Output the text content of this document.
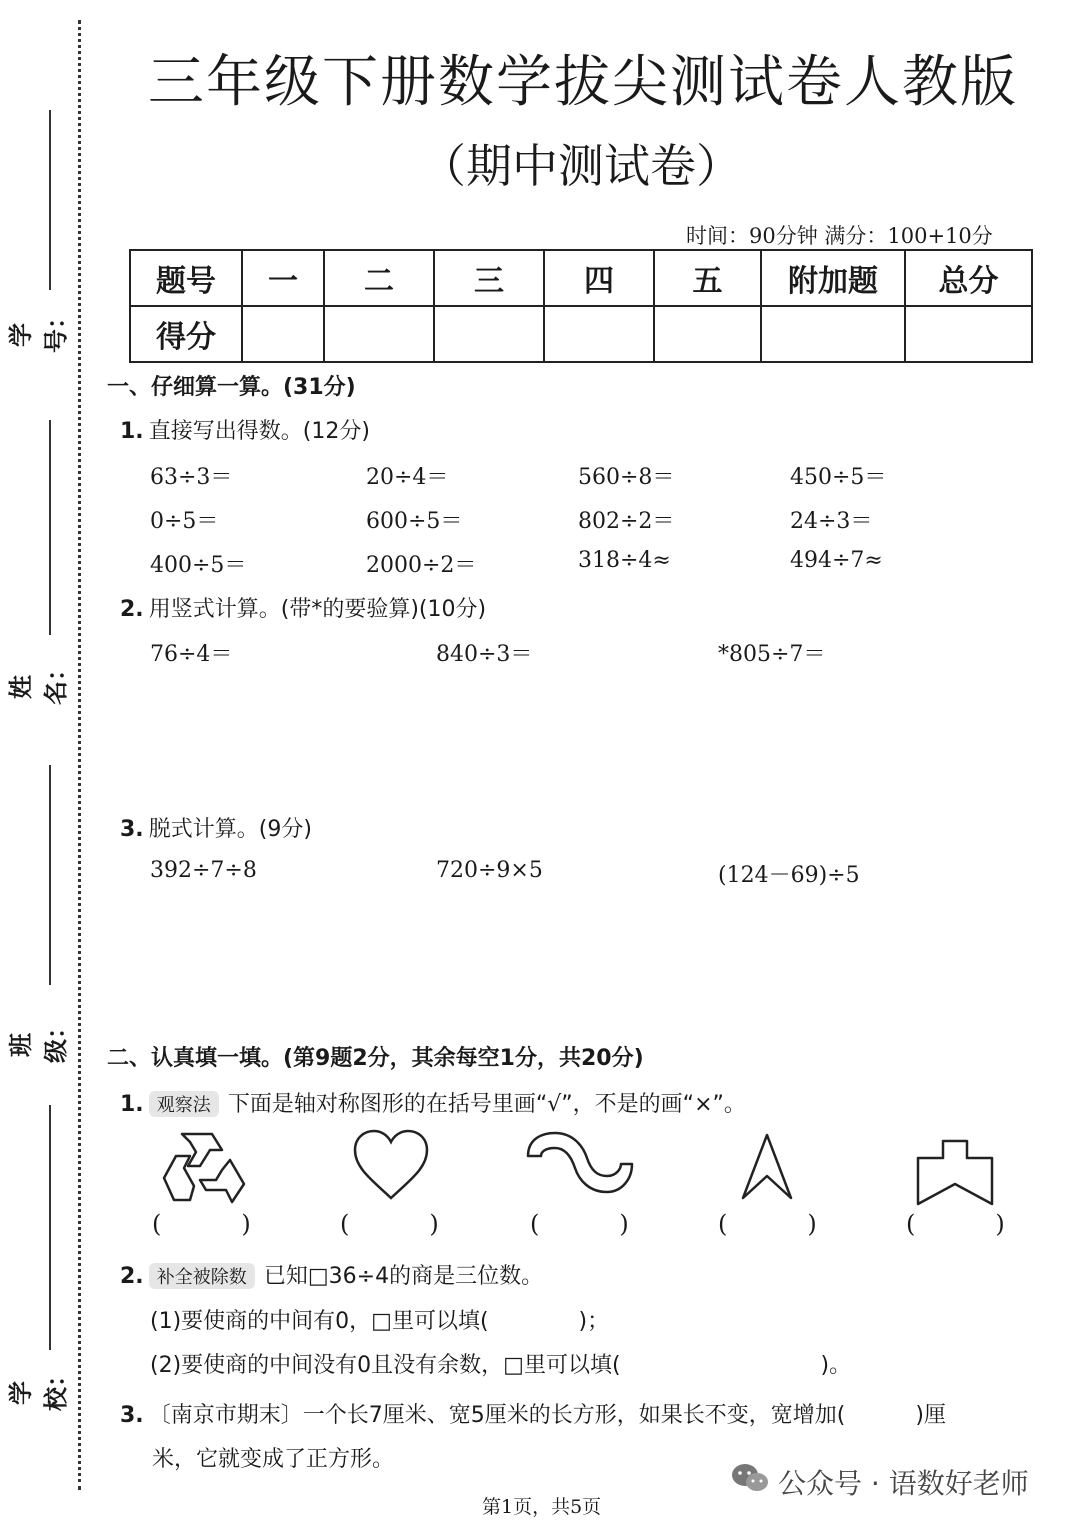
学号：
姓名：
班级：
学校：
三年级下册数学拔尖测试卷人教版
（期中测试卷）
时间：90分钟 满分：100+10分
题号	一	二	三	四	五	附加题	总分
得分							
一、仔细算一算。(31分)
1. 直接写出得数。(12分)
63÷3＝	20÷4＝	560÷8＝	450÷5＝
0÷5＝	600÷5＝	802÷2＝	24÷3＝
400÷5＝	2000÷2＝	318÷4≈	494÷7≈
2. 用竖式计算。(带*的要验算)(10分)
76÷4＝	840÷3＝	*805÷7＝
3. 脱式计算。(9分)
392÷7÷8	720÷9×5	(124－69)÷5
二、认真填一填。(第9题2分，其余每空1分，共20分)
1. 观察法 下面是轴对称图形的在括号里画“√”，不是的画“×”。
(	)	(	)	(	)	(	)	(	)
2. 补全被除数 已知□36÷4的商是三位数。
(1)要使商的中间有0，□里可以填(	)；
(2)要使商的中间没有0且没有余数，□里可以填(	)。
3. 〔南京市期末〕一个长7厘米、宽5厘米的长方形，如果长不变，宽增加(	)厘
米，它就变成了正方形。
公众号 · 语数好老师
第1页，共5页
